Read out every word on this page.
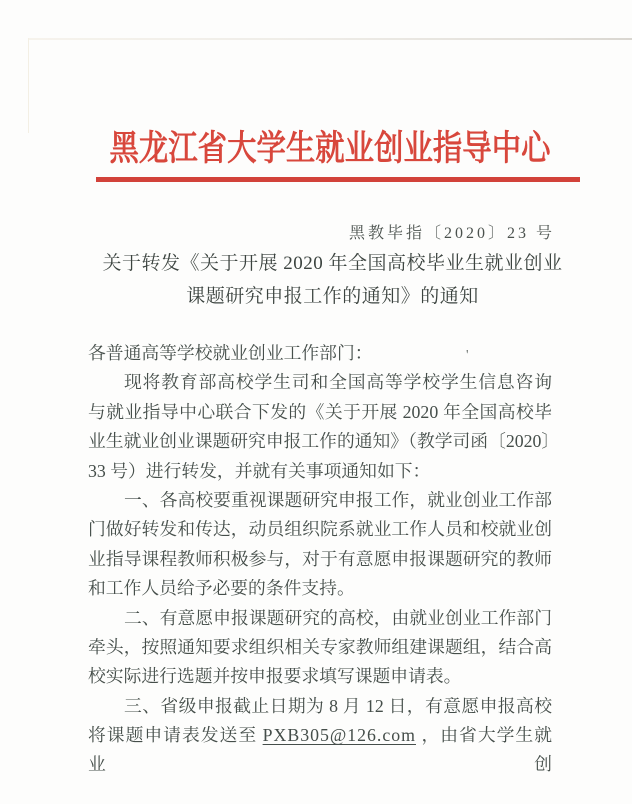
黑龙江省大学生就业创业指导中心
黑教毕指〔2020〕23 号
关于转发《关于开展 2020 年全国高校毕业生就业创业
课题研究申报工作的通知》的通知
各普通高等学校就业创业工作部门：
现将教育部高校学生司和全国高等学校学生信息咨询
与就业指导中心联合下发的《关于开展 2020 年全国高校毕
业生就业创业课题研究申报工作的通知》（教学司函〔2020〕
33 号）进行转发，并就有关事项通知如下：
一、各高校要重视课题研究申报工作，就业创业工作部
门做好转发和传达，动员组织院系就业工作人员和校就业创
业指导课程教师积极参与，对于有意愿申报课题研究的教师
和工作人员给予必要的条件支持。
二、有意愿申报课题研究的高校，由就业创业工作部门
牵头，按照通知要求组织相关专家教师组建课题组，结合高
校实际进行选题并按申报要求填写课题申请表。
三、省级申报截止日期为 8 月 12 日，有意愿申报高校
将课题申请表发送至 PXB305@126.com ，由省大学生就业创
'
